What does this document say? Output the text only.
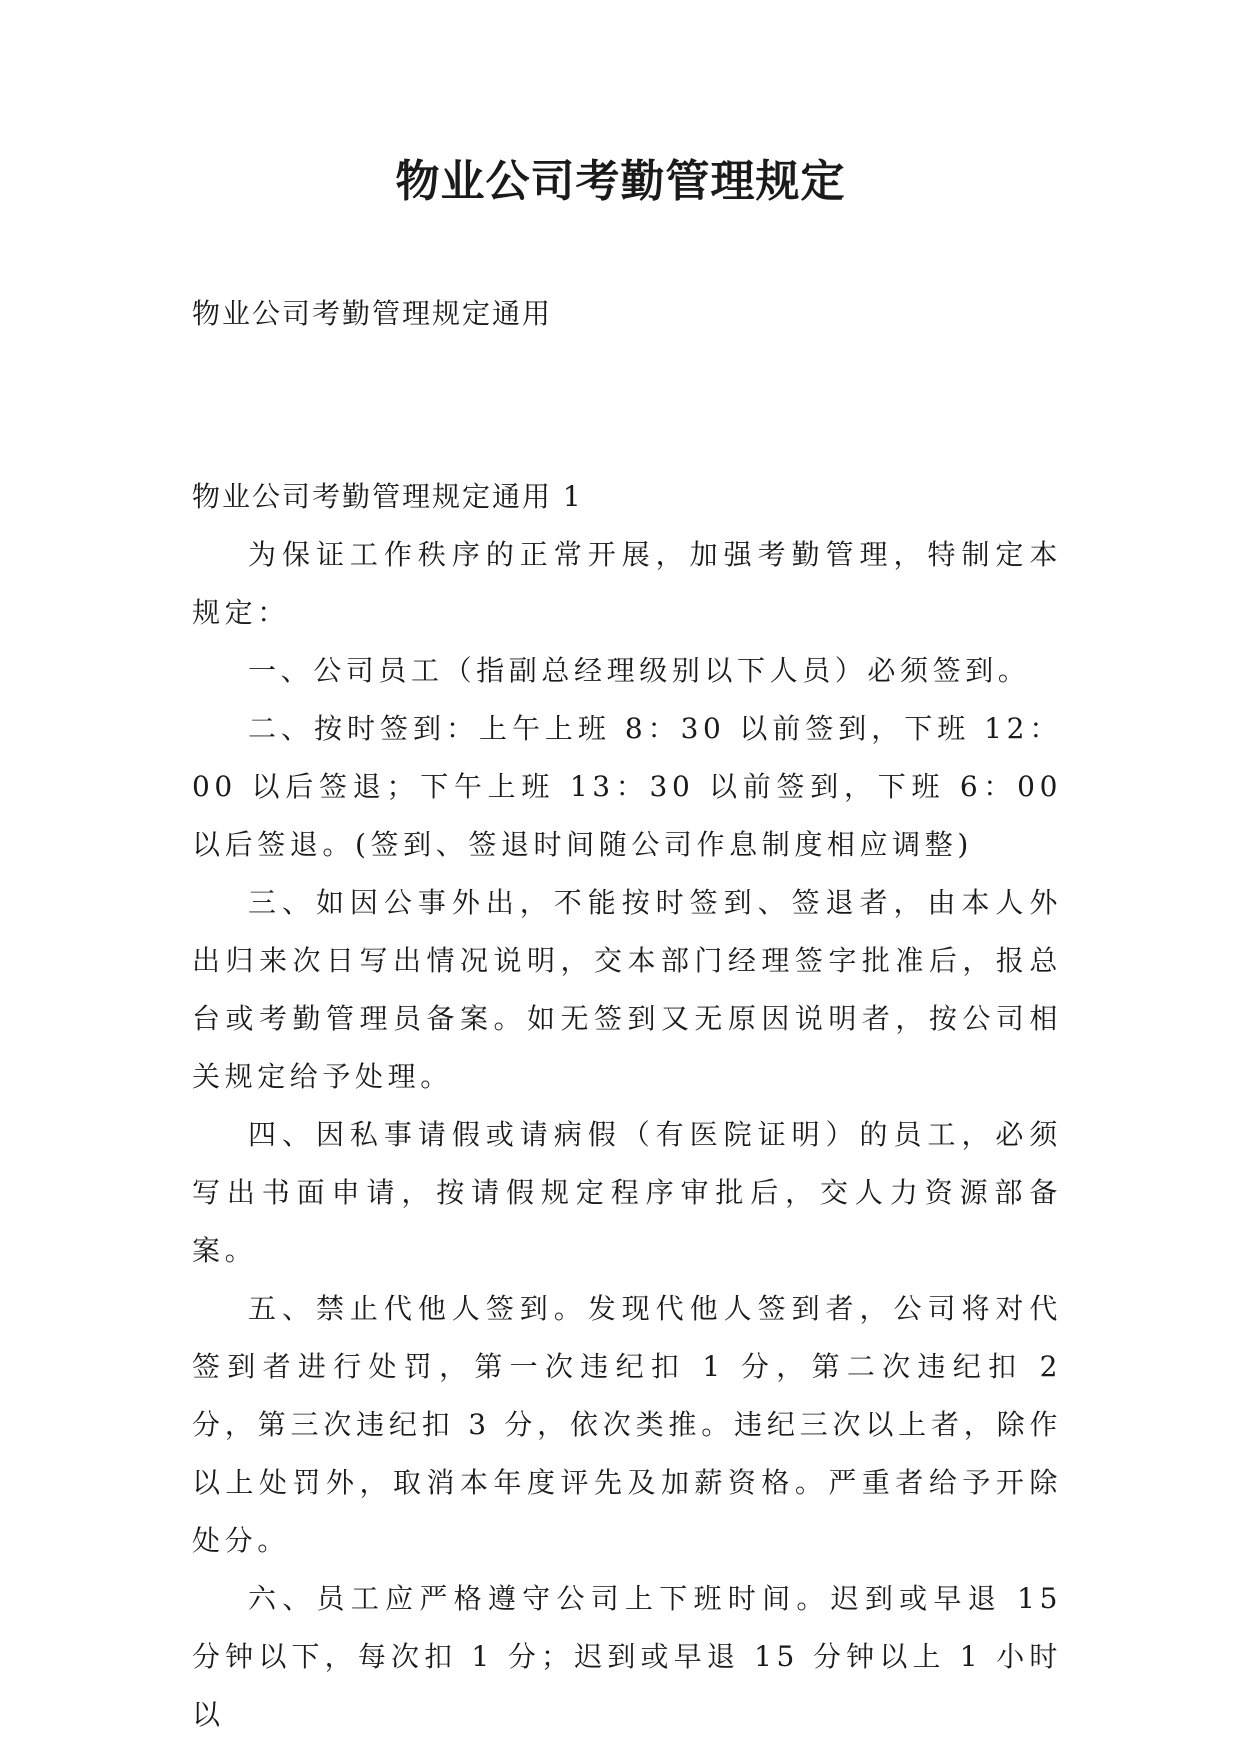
物业公司考勤管理规定

物业公司考勤管理规定通用

物业公司考勤管理规定通用 1

为保证工作秩序的正常开展，加强考勤管理，特制定本规定：

一、公司员工（指副总经理级别以下人员）必须签到。

二、按时签到：上午上班 8：30 以前签到，下班 12：00 以后签退；下午上班 13：30 以前签到，下班 6：00 以后签退。(签到、签退时间随公司作息制度相应调整)

三、如因公事外出，不能按时签到、签退者，由本人外出归来次日写出情况说明，交本部门经理签字批准后，报总台或考勤管理员备案。如无签到又无原因说明者，按公司相关规定给予处理。

四、因私事请假或请病假（有医院证明）的员工，必须写出书面申请，按请假规定程序审批后，交人力资源部备案。

五、禁止代他人签到。发现代他人签到者，公司将对代签到者进行处罚，第一次违纪扣 1 分，第二次违纪扣 2 分，第三次违纪扣 3 分，依次类推。违纪三次以上者，除作以上处罚外，取消本年度评先及加薪资格。严重者给予开除处分。

六、员工应严格遵守公司上下班时间。迟到或早退 15 分钟以下，每次扣 1 分；迟到或早退 15 分钟以上 1 小时以
